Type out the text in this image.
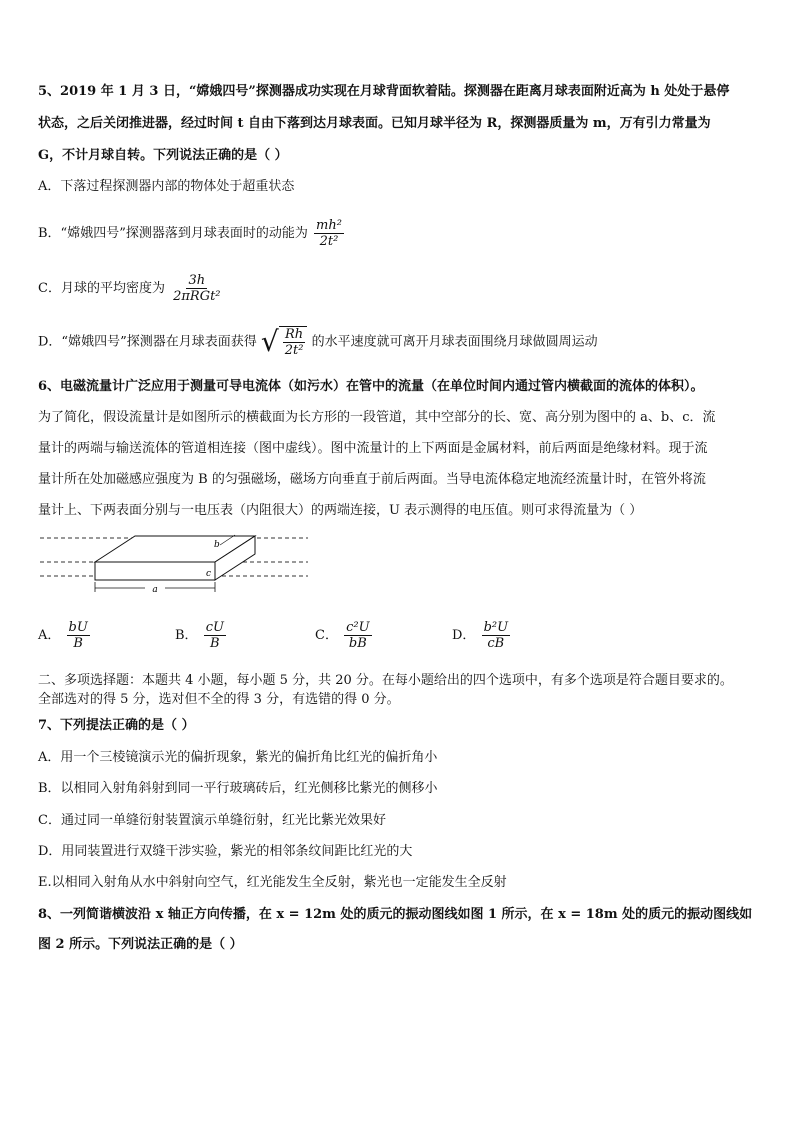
5、2019 年 1 月 3 日，“嫦娥四号”探测器成功实现在月球背面软着陆。探测器在距离月球表面附近高为 h 处处于悬停
状态，之后关闭推进器，经过时间 t 自由下落到达月球表面。已知月球半径为 R，探测器质量为 m，万有引力常量为
G，不计月球自转。下列说法正确的是（ ）
A．下落过程探测器内部的物体处于超重状态
B．“嫦娥四号”探测器落到月球表面时的动能为 $\frac{\text{mh²}}{\text{2t²}}$
C．月球的平均密度为 $\frac{3h}{\text{2πRGt²}}$
D．“嫦娥四号”探测器在月球表面获得 √ $\frac{Rh}{\text{2t²}}$ 的水平速度就可离开月球表面围绕月球做圆周运动
6、电磁流量计广泛应用于测量可导电流体（如污水）在管中的流量（在单位时间内通过管内横截面的流体的体积）。
为了简化，假设流量计是如图所示的横截面为长方形的一段管道，其中空部分的长、宽、高分别为图中的 a、b、c．流
量计的两端与输送流体的管道相连接（图中虚线）。图中流量计的上下两面是金属材料，前后两面是绝缘材料。现于流
量计所在处加磁感应强度为 B 的匀强磁场，磁场方向垂直于前后两面。当导电流体稳定地流经流量计时，在管外将流
量计上、下两表面分别与一电压表（内阻很大）的两端连接，U 表示测得的电压值。则可求得流量为（ ）
a
b
c
A． $\frac{bU}{B}$	B． $\frac{cU}{B}$	C． $\frac{\text{c²U}}{bB}$	D． $\frac{\text{b²U}}{cB}$
二、多项选择题：本题共 4 小题，每小题 5 分，共 20 分。在每小题给出的四个选项中，有多个选项是符合题目要求的。
全部选对的得 5 分，选对但不全的得 3 分，有选错的得 0 分。
7、下列提法正确的是（ ）
A．用一个三棱镜演示光的偏折现象，紫光的偏折角比红光的偏折角小
B．以相同入射角斜射到同一平行玻璃砖后，红光侧移比紫光的侧移小
C．通过同一单缝衍射装置演示单缝衍射，红光比紫光效果好
D．用同装置进行双缝干涉实验，紫光的相邻条纹间距比红光的大
E.以相同入射角从水中斜射向空气，红光能发生全反射，紫光也一定能发生全反射
8、一列简谐横波沿 x 轴正方向传播，在 x = 12m 处的质元的振动图线如图 1 所示，在 x = 18m 处的质元的振动图线如
图 2 所示。下列说法正确的是（ ）
